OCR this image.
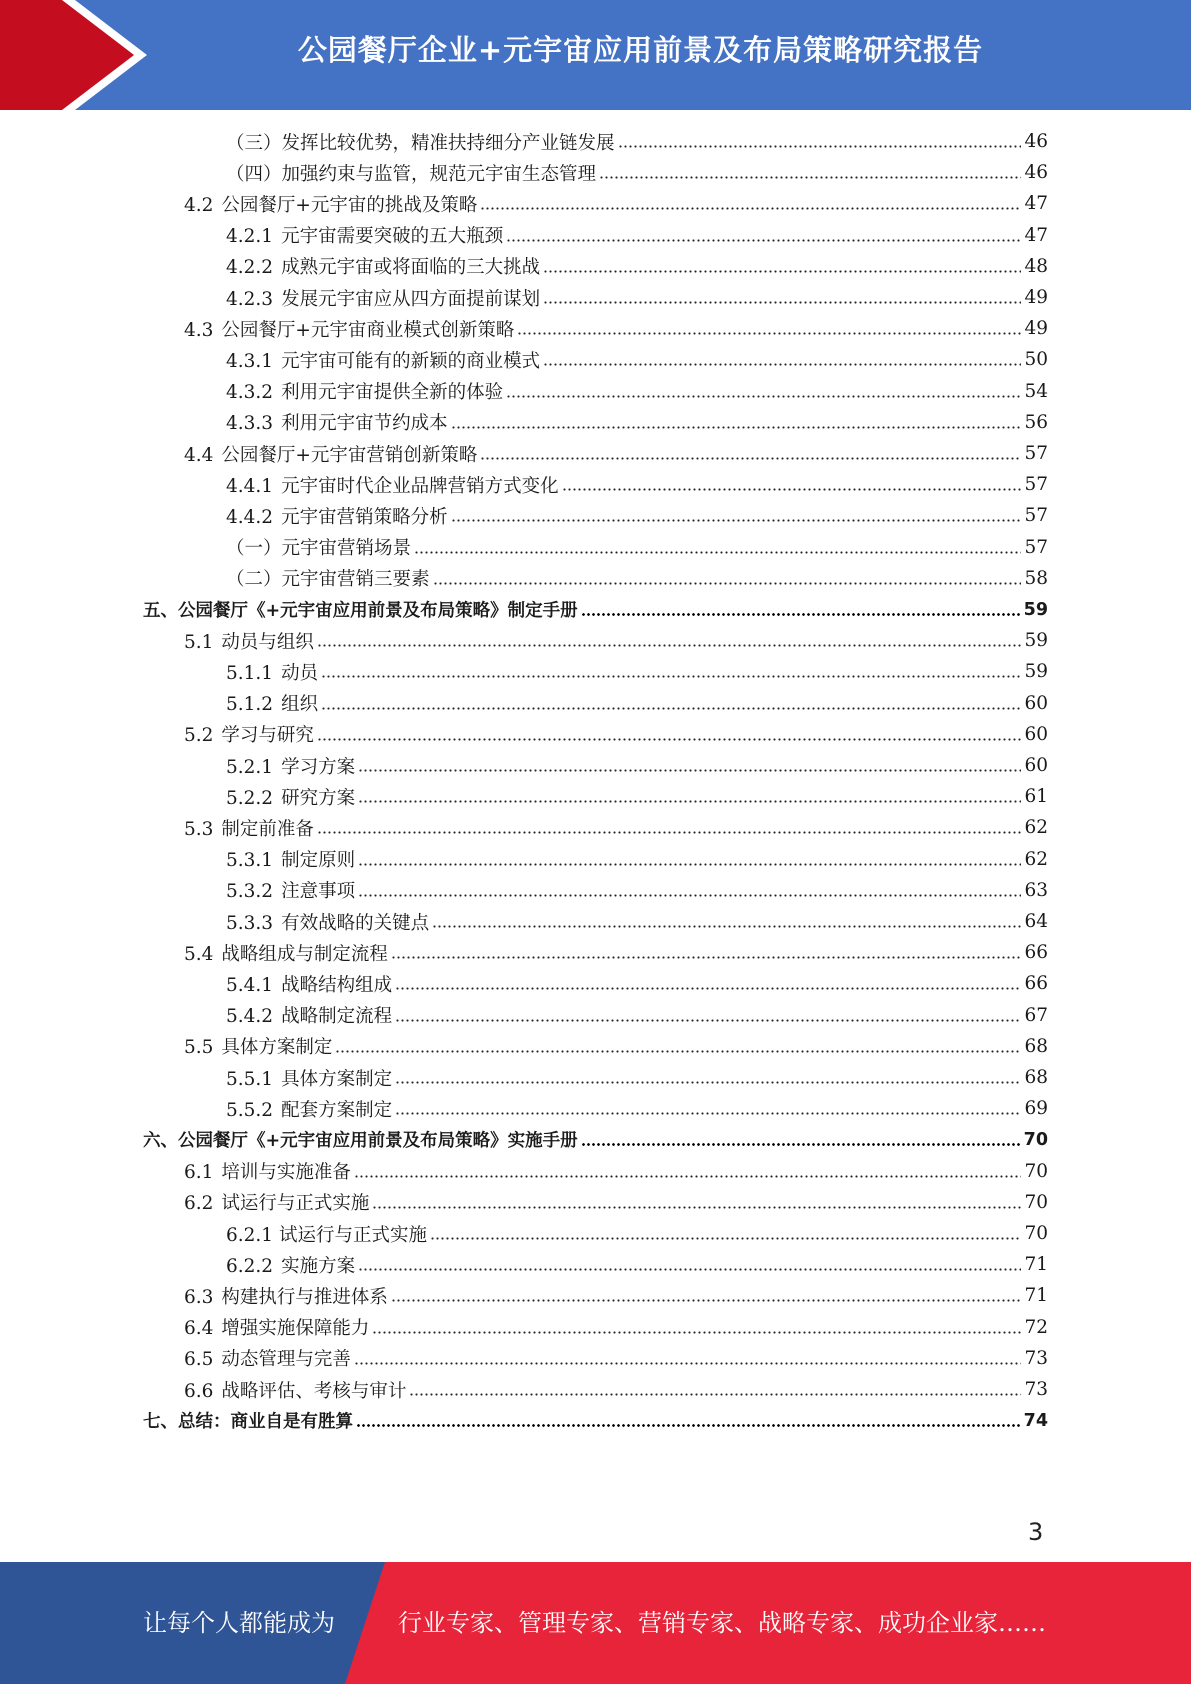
公园餐厅企业+元宇宙应用前景及布局策略研究报告
（三）发挥比较优势，精准扶持细分产业链发展	46
（四）加强约束与监管，规范元宇宙生态管理	46
4.2 公园餐厅+元宇宙的挑战及策略	47
4.2.1 元宇宙需要突破的五大瓶颈	47
4.2.2 成熟元宇宙或将面临的三大挑战	48
4.2.3 发展元宇宙应从四方面提前谋划	49
4.3 公园餐厅+元宇宙商业模式创新策略	49
4.3.1 元宇宙可能有的新颖的商业模式	50
4.3.2 利用元宇宙提供全新的体验	54
4.3.3 利用元宇宙节约成本	56
4.4 公园餐厅+元宇宙营销创新策略	57
4.4.1 元宇宙时代企业品牌营销方式变化	57
4.4.2 元宇宙营销策略分析	57
（一）元宇宙营销场景	57
（二）元宇宙营销三要素	58
五、公园餐厅《+元宇宙应用前景及布局策略》制定手册	59
5.1 动员与组织	59
5.1.1 动员	59
5.1.2 组织	60
5.2 学习与研究	60
5.2.1 学习方案	60
5.2.2 研究方案	61
5.3 制定前准备	62
5.3.1 制定原则	62
5.3.2 注意事项	63
5.3.3 有效战略的关键点	64
5.4 战略组成与制定流程	66
5.4.1 战略结构组成	66
5.4.2 战略制定流程	67
5.5 具体方案制定	68
5.5.1 具体方案制定	68
5.5.2 配套方案制定	69
六、公园餐厅《+元宇宙应用前景及布局策略》实施手册	70
6.1 培训与实施准备	70
6.2 试运行与正式实施	70
6.2.1 试运行与正式实施	70
6.2.2 实施方案	71
6.3 构建执行与推进体系	71
6.4 增强实施保障能力	72
6.5 动态管理与完善	73
6.6 战略评估、考核与审计	73
七、总结：商业自是有胜算	74
3
让每个人都能成为	行业专家、管理专家、营销专家、战略专家、成功企业家……
